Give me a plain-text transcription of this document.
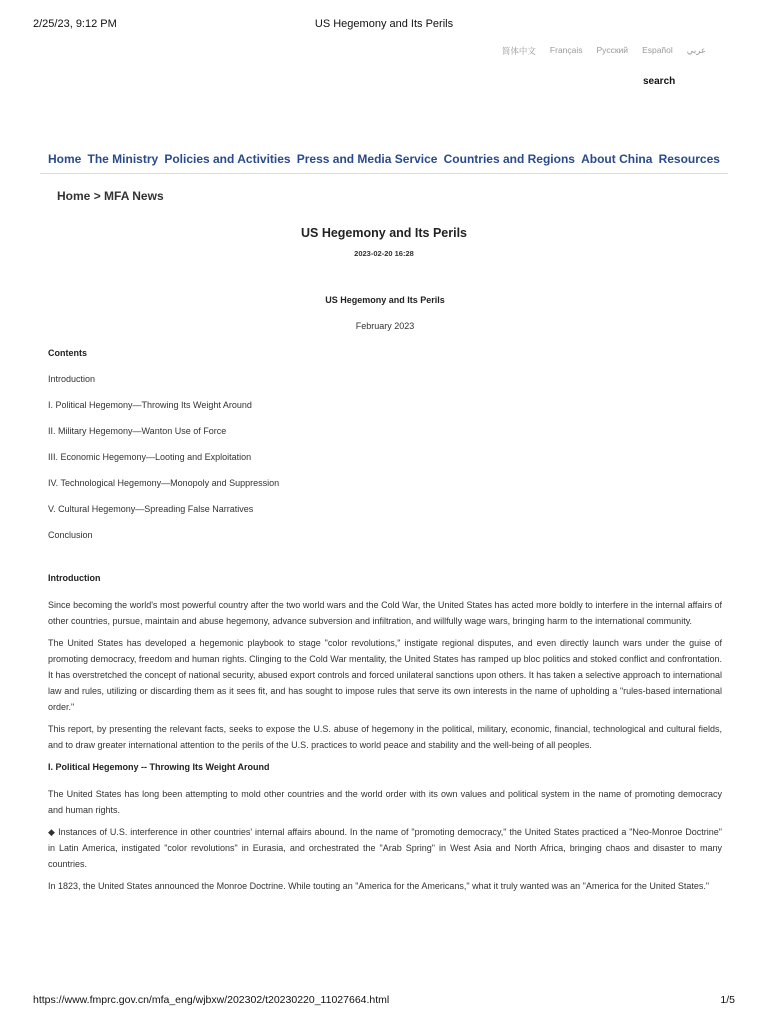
2/25/23, 9:12 PM	US Hegemony and Its Perils
简体中文 Français Русский Español عربي
search
Home The Ministry Policies and Activities Press and Media Service Countries and Regions About China Resources
Home > MFA News
US Hegemony and Its Perils
2023-02-20 16:28

US Hegemony and Its Perils

February 2023

Contents

Introduction

I. Political Hegemony—Throwing Its Weight Around

II. Military Hegemony—Wanton Use of Force

III. Economic Hegemony—Looting and Exploitation

IV. Technological Hegemony—Monopoly and Suppression

V. Cultural Hegemony—Spreading False Narratives

Conclusion

Introduction

Since becoming the world's most powerful country after the two world wars and the Cold War, the United States has acted more boldly to interfere in the internal affairs of other countries, pursue, maintain and abuse hegemony, advance subversion and infiltration, and willfully wage wars, bringing harm to the international community.

The United States has developed a hegemonic playbook to stage "color revolutions," instigate regional disputes, and even directly launch wars under the guise of promoting democracy, freedom and human rights. Clinging to the Cold War mentality, the United States has ramped up bloc politics and stoked conflict and confrontation. It has overstretched the concept of national security, abused export controls and forced unilateral sanctions upon others. It has taken a selective approach to international law and rules, utilizing or discarding them as it sees fit, and has sought to impose rules that serve its own interests in the name of upholding a "rules-based international order."

This report, by presenting the relevant facts, seeks to expose the U.S. abuse of hegemony in the political, military, economic, financial, technological and cultural fields, and to draw greater international attention to the perils of the U.S. practices to world peace and stability and the well-being of all peoples.

I. Political Hegemony -- Throwing Its Weight Around

The United States has long been attempting to mold other countries and the world order with its own values and political system in the name of promoting democracy and human rights.

◆ Instances of U.S. interference in other countries' internal affairs abound. In the name of "promoting democracy," the United States practiced a "Neo-Monroe Doctrine" in Latin America, instigated "color revolutions" in Eurasia, and orchestrated the "Arab Spring" in West Asia and North Africa, bringing chaos and disaster to many countries.

In 1823, the United States announced the Monroe Doctrine. While touting an "America for the Americans," what it truly wanted was an "America for the United States."

https://www.fmprc.gov.cn/mfa_eng/wjbxw/202302/t20230220_11027664.html	1/5
